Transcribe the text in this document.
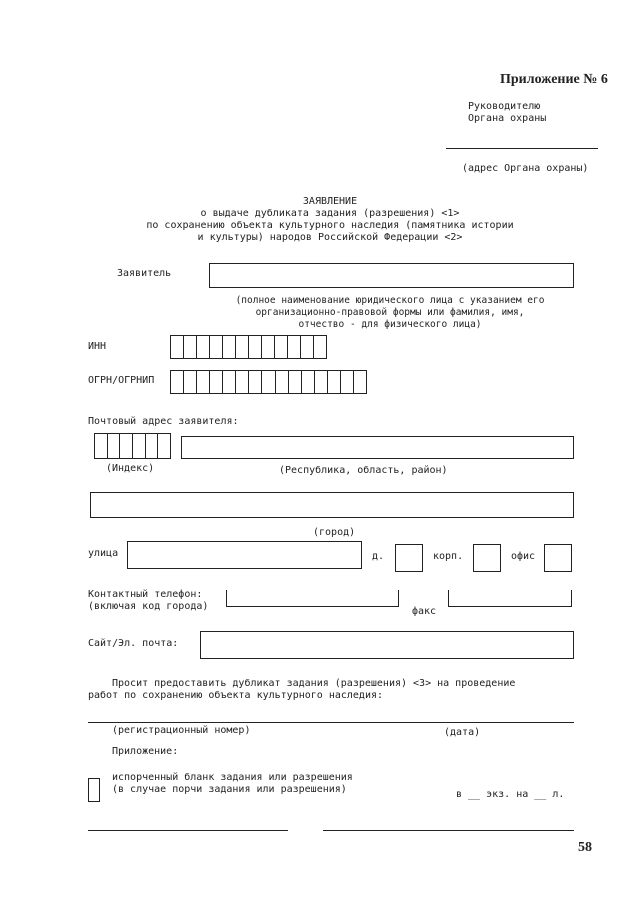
Приложение № 6
Руководителю
Органа охраны
(адрес Органа охраны)
ЗАЯВЛЕНИЕ
о выдаче дубликата задания (разрешения) <1>
по сохранению объекта культурного наследия (памятника истории
и культуры) народов Российской Федерации <2>
Заявитель
(полное наименование юридического лица с указанием его
организационно-правовой формы или фамилия, имя,
отчество - для физического лица)
ИНН
ОГРН/ОГРНИП
Почтовый адрес заявителя:
(Индекс)	(Республика, область, район)
(город)
улица	д.	корп.	офис
Контактный телефон:
(включая код города)	факс
Сайт/Эл. почта:
Просит предоставить дубликат задания (разрешения) <3> на проведение
работ по сохранению объекта культурного наследия:
(регистрационный номер)	(дата)
Приложение:
испорченный бланк задания или разрешения
(в случае порчи задания или разрешения)	в __ экз. на __ л.
58
